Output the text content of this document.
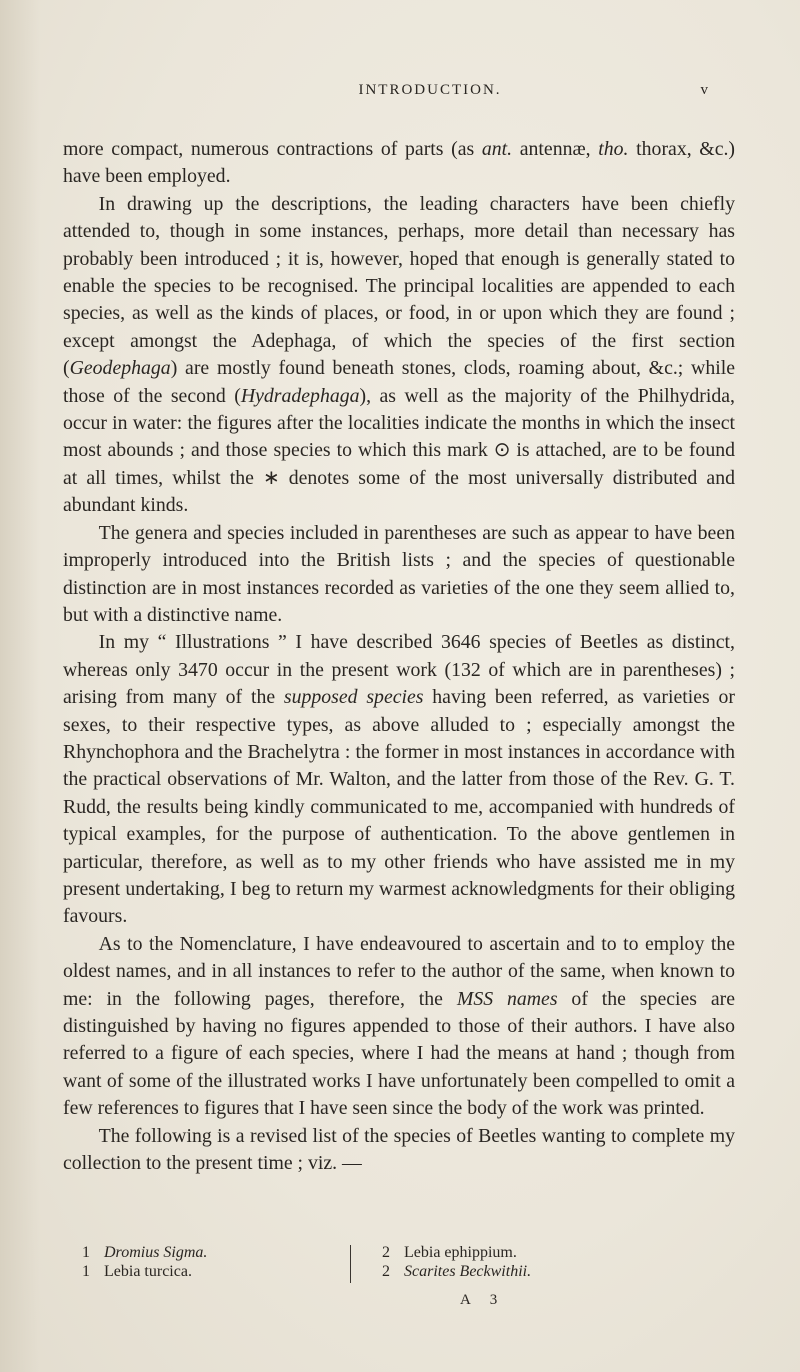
INTRODUCTION.	v

more compact, numerous contractions of parts (as ant. antennæ, tho. thorax, &c.) have been employed.

In drawing up the descriptions, the leading characters have been chiefly attended to, though in some instances, perhaps, more detail than necessary has probably been introduced ; it is, however, hoped that enough is generally stated to enable the species to be recognised. The principal localities are appended to each species, as well as the kinds of places, or food, in or upon which they are found ; except amongst the Adephaga, of which the species of the first section (Geodephaga) are mostly found beneath stones, clods, roaming about, &c.; while those of the second (Hydradephaga), as well as the majority of the Philhydrida, occur in water: the figures after the localities indicate the months in which the insect most abounds ; and those species to which this mark ⊙ is attached, are to be found at all times, whilst the ∗ denotes some of the most universally distributed and abundant kinds.

The genera and species included in parentheses are such as appear to have been improperly introduced into the British lists ; and the species of questionable distinction are in most instances recorded as varieties of the one they seem allied to, but with a distinctive name.

In my “ Illustrations ” I have described 3646 species of Beetles as distinct, whereas only 3470 occur in the present work (132 of which are in parentheses) ; arising from many of the supposed species having been referred, as varieties or sexes, to their respective types, as above alluded to ; especially amongst the Rhynchophora and the Brachelytra : the former in most instances in accordance with the practical observations of Mr. Walton, and the latter from those of the Rev. G. T. Rudd, the results being kindly communicated to me, accompanied with hundreds of typical examples, for the purpose of authentication. To the above gentlemen in particular, therefore, as well as to my other friends who have assisted me in my present undertaking, I beg to return my warmest acknowledgments for their obliging favours.

As to the Nomenclature, I have endeavoured to ascertain and to to employ the oldest names, and in all instances to refer to the author of the same, when known to me: in the following pages, therefore, the MSS names of the species are distinguished by having no figures appended to those of their authors. I have also referred to a figure of each species, where I had the means at hand ; though from want of some of the illustrated works I have unfortunately been compelled to omit a few references to figures that I have seen since the body of the work was printed.

The following is a revised list of the species of Beetles wanting to complete my collection to the present time ; viz. —

1 Dromius Sigma.
1 Lebia turcica.
2 Lebia ephippium.
2 Scarites Beckwithii.
A 3
